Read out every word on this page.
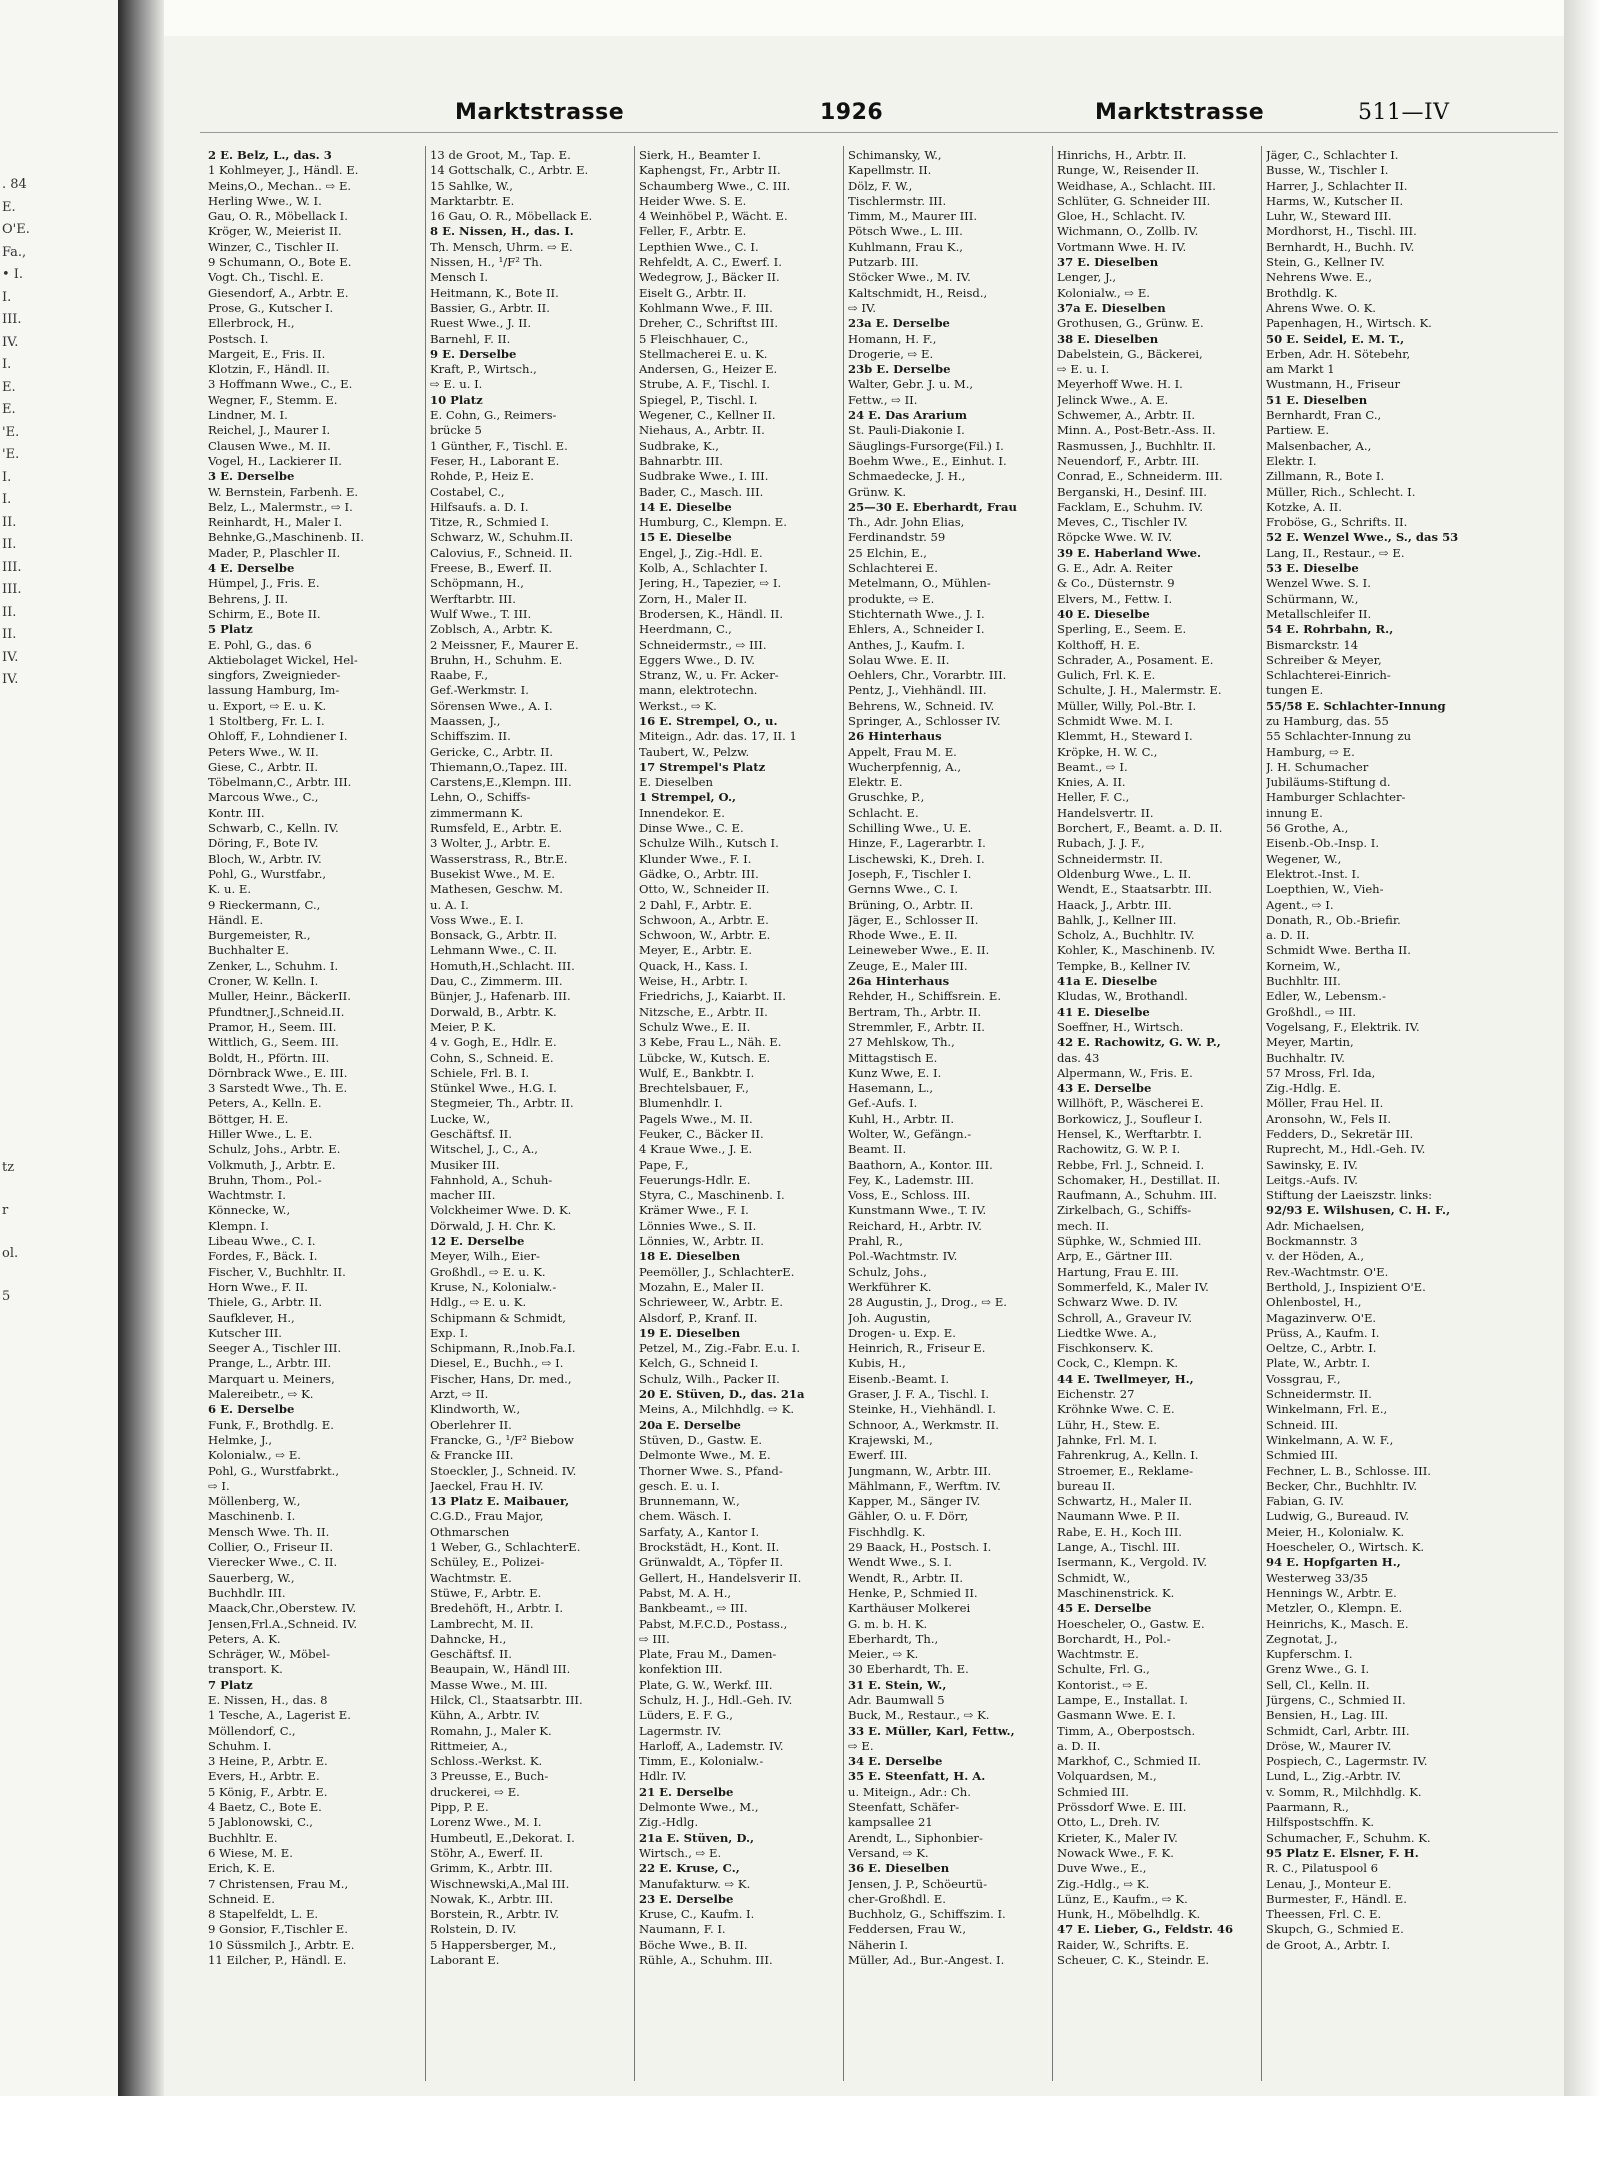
. 84
E.
O'E.
Fa.,
• I.
I.
III.
IV.
I.
E.
E.
'E.
'E.
I.
I.
II.
II.
III.
III.
II.
II.
IV.
IV.
tz
r
ol.
5
Marktstrasse	1926	Marktstrasse	511—IV
2 E. Belz, L., das. 3
1 Kohlmeyer, J., Händl. E.
Meins,O., Mechan.. ⇨ E.
Herling Wwe., W. I.
Gau, O. R., Möbellack I.
Kröger, W., Meierist II.
Winzer, C., Tischler II.
9 Schumann, O., Bote E.
Vogt. Ch., Tischl. E.
Giesendorf, A., Arbtr. E.
Prose, G., Kutscher I.
Ellerbrock, H.,
Postsch. I.
Margeit, E., Fris. II.
Klotzin, F., Händl. II.
3 Hoffmann Wwe., C., E.
Wegner, F., Stemm. E.
Lindner, M. I.
Reichel, J., Maurer I.
Clausen Wwe., M. II.
Vogel, H., Lackierer II.
3 E. Derselbe
W. Bernstein, Farbenh. E.
Belz, L., Malermstr., ⇨ I.
Reinhardt, H., Maler I.
Behnke,G.,Maschinenb. II.
Mader, P., Plaschler II.
4 E. Derselbe
Hümpel, J., Fris. E.
Behrens, J. II.
Schirm, E., Bote II.
5 Platz
E. Pohl, G., das. 6
Aktiebolaget Wickel, Hel-
singfors, Zweignieder-
lassung Hamburg, Im-
u. Export, ⇨ E. u. K.
1 Stoltberg, Fr. L. I.
Ohloff, F., Lohndiener I.
Peters Wwe., W. II.
Giese, C., Arbtr. II.
Töbelmann,C., Arbtr. III.
Marcous Wwe., C.,
Kontr. III.
Schwarb, C., Kelln. IV.
Döring, F., Bote IV.
Bloch, W., Arbtr. IV.
Pohl, G., Wurstfabr.,
K. u. E.
9 Rieckermann, C.,
Händl. E.
Burgemeister, R.,
Buchhalter E.
Zenker, L., Schuhm. I.
Croner, W. Kelln. I.
Muller, Heinr., BäckerII.
Pfundtner,J.,Schneid.II.
Pramor, H., Seem. III.
Wittlich, G., Seem. III.
Boldt, H., Pförtn. III.
Dörnbrack Wwe., E. III.
3 Sarstedt Wwe., Th. E.
Peters, A., Kelln. E.
Böttger, H. E.
Hiller Wwe., L. E.
Schulz, Johs., Arbtr. E.
Volkmuth, J., Arbtr. E.
Bruhn, Thom., Pol.-
Wachtmstr. I.
Könnecke, W.,
Klempn. I.
Libeau Wwe., C. I.
Fordes, F., Bäck. I.
Fischer, V., Buchhltr. II.
Horn Wwe., F. II.
Thiele, G., Arbtr. II.
Saufklever, H.,
Kutscher III.
Seeger A., Tischler III.
Prange, L., Arbtr. III.
Marquart u. Meiners,
Malereibetr., ⇨ K.
6 E. Derselbe
Funk, F., Brothdlg. E.
Helmke, J.,
Kolonialw., ⇨ E.
Pohl, G., Wurstfabrkt.,
⇨ I.
Möllenberg, W.,
Maschinenb. I.
Mensch Wwe. Th. II.
Collier, O., Friseur II.
Vierecker Wwe., C. II.
Sauerberg, W.,
Buchhdlr. III.
Maack,Chr.,Oberstew. IV.
Jensen,Frl.A.,Schneid. IV.
Peters, A. K.
Schräger, W., Möbel-
transport. K.
7 Platz
E. Nissen, H., das. 8
1 Tesche, A., Lagerist E.
Möllendorf, C.,
Schuhm. I.
3 Heine, P., Arbtr. E.
Evers, H., Arbtr. E.
5 König, F., Arbtr. E.
4 Baetz, C., Bote E.
5 Jablonowski, C.,
Buchhltr. E.
6 Wiese, M. E.
Erich, K. E.
7 Christensen, Frau M.,
Schneid. E.
8 Stapelfeldt, L. E.
9 Gonsior, F.,Tischler E.
10 Süssmilch J., Arbtr. E.
11 Eilcher, P., Händl. E.
13 de Groot, M., Tap. E.
14 Gottschalk, C., Arbtr. E.
15 Sahlke, W.,
Marktarbtr. E.
16 Gau, O. R., Möbellack E.
8 E. Nissen, H., das. I.
Th. Mensch, Uhrm. ⇨ E.
Nissen, H., ¹/F² Th.
Mensch I.
Heitmann, K., Bote II.
Bassier, G., Arbtr. II.
Ruest Wwe., J. II.
Barnehl, F. II.
9 E. Derselbe
Kraft, P., Wirtsch.,
⇨ E. u. I.
10 Platz
E. Cohn, G., Reimers-
brücke 5
1 Günther, F., Tischl. E.
Feser, H., Laborant E.
Rohde, P., Heiz E.
Costabel, C.,
Hilfsaufs. a. D. I.
Titze, R., Schmied I.
Schwarz, W., Schuhm.II.
Calovius, F., Schneid. II.
Freese, B., Ewerf. II.
Schöpmann, H.,
Werftarbtr. III.
Wulf Wwe., T. III.
Zoblsch, A., Arbtr. K.
2 Meissner, F., Maurer E.
Bruhn, H., Schuhm. E.
Raabe, F.,
Gef.-Werkmstr. I.
Sörensen Wwe., A. I.
Maassen, J.,
Schiffszim. II.
Gericke, C., Arbtr. II.
Thiemann,O.,Tapez. III.
Carstens,E.,Klempn. III.
Lehn, O., Schiffs-
zimmermann K.
Rumsfeld, E., Arbtr. E.
3 Wolter, J., Arbtr. E.
Wasserstrass, R., Btr.E.
Busekist Wwe., M. E.
Mathesen, Geschw. M.
u. A. I.
Voss Wwe., E. I.
Bonsack, G., Arbtr. II.
Lehmann Wwe., C. II.
Homuth,H.,Schlacht. III.
Dau, C., Zimmerm. III.
Bünjer, J., Hafenarb. III.
Dorwald, B., Arbtr. K.
Meier, P. K.
4 v. Gogh, E., Hdlr. E.
Cohn, S., Schneid. E.
Schiele, Frl. B. I.
Stünkel Wwe., H.G. I.
Stegmeier, Th., Arbtr. II.
Lucke, W.,
Geschäftsf. II.
Witschel, J., C., A.,
Musiker III.
Fahnhold, A., Schuh-
macher III.
Volckheimer Wwe. D. K.
Dörwald, J. H. Chr. K.
12 E. Derselbe
Meyer, Wilh., Eier-
Großhdl., ⇨ E. u. K.
Kruse, N., Kolonialw.-
Hdlg., ⇨ E. u. K.
Schipmann & Schmidt,
Exp. I.
Schipmann, R.,Inob.Fa.I.
Diesel, E., Buchh., ⇨ I.
Fischer, Hans, Dr. med.,
Arzt, ⇨ II.
Klindworth, W.,
Oberlehrer II.
Francke, G., ¹/F² Biebow
& Francke III.
Stoeckler, J., Schneid. IV.
Jaeckel, Frau H. IV.
13 Platz E. Maibauer,
C.G.D., Frau Major,
Othmarschen
1 Weber, G., SchlachterE.
Schüley, E., Polizei-
Wachtmstr. E.
Stüwe, F., Arbtr. E.
Bredehöft, H., Arbtr. I.
Lambrecht, M. II.
Dahncke, H.,
Geschäftsf. II.
Beaupain, W., Händl III.
Masse Wwe., M. III.
Hilck, Cl., Staatsarbtr. III.
Kühn, A., Arbtr. IV.
Romahn, J., Maler K.
Rittmeier, A.,
Schloss.-Werkst. K.
3 Preusse, E., Buch-
druckerei, ⇨ E.
Pipp, P. E.
Lorenz Wwe., M. I.
Humbeutl, E.,Dekorat. I.
Stöhr, A., Ewerf. II.
Grimm, K., Arbtr. III.
Wischnewski,A.,Mal III.
Nowak, K., Arbtr. III.
Borstein, R., Arbtr. IV.
Rolstein, D. IV.
5 Happersberger, M.,
Laborant E.
Sierk, H., Beamter I.
Kaphengst, Fr., Arbtr II.
Schaumberg Wwe., C. III.
Heider Wwe. S. E.
4 Weinhöbel P., Wächt. E.
Feller, F., Arbtr. E.
Lepthien Wwe., C. I.
Rehfeldt, A. C., Ewerf. I.
Wedegrow, J., Bäcker II.
Eiselt G., Arbtr. II.
Kohlmann Wwe., F. III.
Dreher, C., Schriftst III.
5 Fleischhauer, C.,
Stellmacherei E. u. K.
Andersen, G., Heizer E.
Strube, A. F., Tischl. I.
Spiegel, P., Tischl. I.
Wegener, C., Kellner II.
Niehaus, A., Arbtr. II.
Sudbrake, K.,
Bahnarbtr. III.
Sudbrake Wwe., I. III.
Bader, C., Masch. III.
14 E. Dieselbe
Humburg, C., Klempn. E.
15 E. Dieselbe
Engel, J., Zig.-Hdl. E.
Kolb, A., Schlachter I.
Jering, H., Tapezier, ⇨ I.
Zorn, H., Maler II.
Brodersen, K., Händl. II.
Heerdmann, C.,
Schneidermstr., ⇨ III.
Eggers Wwe., D. IV.
Stranz, W., u. Fr. Acker-
mann, elektrotechn.
Werkst., ⇨ K.
16 E. Strempel, O., u.
Miteign., Adr. das. 17, II. 1
Taubert, W., Pelzw.
17 Strempel's Platz
E. Dieselben
1 Strempel, O.,
Innendekor. E.
Dinse Wwe., C. E.
Schulze Wilh., Kutsch I.
Klunder Wwe., F. I.
Gädke, O., Arbtr. III.
Otto, W., Schneider II.
2 Dahl, F., Arbtr. E.
Schwoon, A., Arbtr. E.
Schwoon, W., Arbtr. E.
Meyer, E., Arbtr. E.
Quack, H., Kass. I.
Weise, H., Arbtr. I.
Friedrichs, J., Kaiarbt. II.
Nitzsche, E., Arbtr. II.
Schulz Wwe., E. II.
3 Kebe, Frau L., Näh. E.
Lübcke, W., Kutsch. E.
Wulf, E., Bankbtr. I.
Brechtelsbauer, F.,
Blumenhdlr. I.
Pagels Wwe., M. II.
Feuker, C., Bäcker II.
4 Kraue Wwe., J. E.
Pape, F.,
Feuerungs-Hdlr. E.
Styra, C., Maschinenb. I.
Krämer Wwe., F. I.
Lönnies Wwe., S. II.
Lönnies, W., Arbtr. II.
18 E. Dieselben
Peemöller, J., SchlachterE.
Mozahn, E., Maler II.
Schrieweer, W., Arbtr. E.
Alsdorf, P., Kranf. II.
19 E. Dieselben
Petzel, M., Zig.-Fabr. E.u. I.
Kelch, G., Schneid I.
Schulz, Wilh., Packer II.
20 E. Stüven, D., das. 21a
Meins, A., Milchhdlg. ⇨ K.
20a E. Derselbe
Stüven, D., Gastw. E.
Delmonte Wwe., M. E.
Thorner Wwe. S., Pfand-
gesch. E. u. I.
Brunnemann, W.,
chem. Wäsch. I.
Sarfaty, A., Kantor I.
Brockstädt, H., Kont. II.
Grünwaldt, A., Töpfer II.
Gellert, H., Handelsverir II.
Pabst, M. A. H.,
Bankbeamt., ⇨ III.
Pabst, M.F.C.D., Postass.,
⇨ III.
Plate, Frau M., Damen-
konfektion III.
Plate, G. W., Werkf. III.
Schulz, H. J., Hdl.-Geh. IV.
Lüders, E. F. G.,
Lagermstr. IV.
Harloff, A., Lademstr. IV.
Timm, E., Kolonialw.-
Hdlr. IV.
21 E. Derselbe
Delmonte Wwe., M.,
Zig.-Hdlg.
21a E. Stüven, D.,
Wirtsch., ⇨ E.
22 E. Kruse, C.,
Manufakturw. ⇨ K.
23 E. Derselbe
Kruse, C., Kaufm. I.
Naumann, F. I.
Böche Wwe., B. II.
Rühle, A., Schuhm. III.
Schimansky, W.,
Kapellmstr. II.
Dölz, F. W.,
Tischlermstr. III.
Timm, M., Maurer III.
Pötsch Wwe., L. III.
Kuhlmann, Frau K.,
Putzarb. III.
Stöcker Wwe., M. IV.
Kaltschmidt, H., Reisd.,
⇨ IV.
23a E. Derselbe
Homann, H. F.,
Drogerie, ⇨ E.
23b E. Derselbe
Walter, Gebr. J. u. M.,
Fettw., ⇨ II.
24 E. Das Ararium
St. Pauli-Diakonie I.
Säuglings-Fursorge(Fil.) I.
Boehm Wwe., E., Einhut. I.
Schmaedecke, J. H.,
Grünw. K.
25—30 E. Eberhardt, Frau
Th., Adr. John Elias,
Ferdinandstr. 59
25 Elchin, E.,
Schlachterei E.
Metelmann, O., Mühlen-
produkte, ⇨ E.
Stichternath Wwe., J. I.
Ehlers, A., Schneider I.
Anthes, J., Kaufm. I.
Solau Wwe. E. II.
Oehlers, Chr., Vorarbtr. III.
Pentz, J., Viehhändl. III.
Behrens, W., Schneid. IV.
Springer, A., Schlosser IV.
26 Hinterhaus
Appelt, Frau M. E.
Wucherpfennig, A.,
Elektr. E.
Gruschke, P.,
Schlacht. E.
Schilling Wwe., U. E.
Hinze, F., Lagerarbtr. I.
Lischewski, K., Dreh. I.
Joseph, F., Tischler I.
Gernns Wwe., C. I.
Brüning, O., Arbtr. II.
Jäger, E., Schlosser II.
Rhode Wwe., E. II.
Leineweber Wwe., E. II.
Zeuge, E., Maler III.
26a Hinterhaus
Rehder, H., Schiffsrein. E.
Bertram, Th., Arbtr. II.
Stremmler, F., Arbtr. II.
27 Mehlskow, Th.,
Mittagstisch E.
Kunz Wwe, E. I.
Hasemann, L.,
Gef.-Aufs. I.
Kuhl, H., Arbtr. II.
Wolter, W., Gefängn.-
Beamt. II.
Baathorn, A., Kontor. III.
Fey, K., Lademstr. III.
Voss, E., Schloss. III.
Kunstmann Wwe., T. IV.
Reichard, H., Arbtr. IV.
Prahl, R.,
Pol.-Wachtmstr. IV.
Schulz, Johs.,
Werkführer K.
28 Augustin, J., Drog., ⇨ E.
Joh. Augustin,
Drogen- u. Exp. E.
Heinrich, R., Friseur E.
Kubis, H.,
Eisenb.-Beamt. I.
Graser, J. F. A., Tischl. I.
Steinke, H., Viehhändl. I.
Schnoor, A., Werkmstr. II.
Krajewski, M.,
Ewerf. III.
Jungmann, W., Arbtr. III.
Mählmann, F., Werftm. IV.
Kapper, M., Sänger IV.
Gähler, O. u. F. Dörr,
Fischhdlg. K.
29 Baack, H., Postsch. I.
Wendt Wwe., S. I.
Wendt, R., Arbtr. II.
Henke, P., Schmied II.
Karthäuser Molkerei
G. m. b. H. K.
Eberhardt, Th.,
Meier., ⇨ K.
30 Eberhardt, Th. E.
31 E. Stein, W.,
Adr. Baumwall 5
Buck, M., Restaur., ⇨ K.
33 E. Müller, Karl, Fettw.,
⇨ E.
34 E. Derselbe
35 E. Steenfatt, H. A.
u. Miteign., Adr.: Ch.
Steenfatt, Schäfer-
kampsallee 21
Arendt, L., Siphonbier-
Versand, ⇨ K.
36 E. Dieselben
Jensen, J. P., Schöeurtü-
cher-Großhdl. E.
Buchholz, G., Schiffszim. I.
Feddersen, Frau W.,
Näherin I.
Müller, Ad., Bur.-Angest. I.
Hinrichs, H., Arbtr. II.
Runge, W., Reisender II.
Weidhase, A., Schlacht. III.
Schlüter, G. Schneider III.
Gloe, H., Schlacht. IV.
Wichmann, O., Zollb. IV.
Vortmann Wwe. H. IV.
37 E. Dieselben
Lenger, J.,
Kolonialw., ⇨ E.
37a E. Dieselben
Grothusen, G., Grünw. E.
38 E. Dieselben
Dabelstein, G., Bäckerei,
⇨ E. u. I.
Meyerhoff Wwe. H. I.
Jelinck Wwe., A. E.
Schwemer, A., Arbtr. II.
Minn. A., Post-Betr.-Ass. II.
Rasmussen, J., Buchhltr. II.
Neuendorf, F., Arbtr. III.
Conrad, E., Schneiderm. III.
Berganski, H., Desinf. III.
Facklam, E., Schuhm. IV.
Meves, C., Tischler IV.
Röpcke Wwe. W. IV.
39 E. Haberland Wwe.
G. E., Adr. A. Reiter
& Co., Düsternstr. 9
Elvers, M., Fettw. I.
40 E. Dieselbe
Sperling, E., Seem. E.
Kolthoff, H. E.
Schrader, A., Posament. E.
Gulich, Frl. K. E.
Schulte, J. H., Malermstr. E.
Müller, Willy, Pol.-Btr. I.
Schmidt Wwe. M. I.
Klemmt, H., Steward I.
Kröpke, H. W. C.,
Beamt., ⇨ I.
Knies, A. II.
Heller, F. C.,
Handelsvertr. II.
Borchert, F., Beamt. a. D. II.
Rubach, J. J. F.,
Schneidermstr. II.
Oldenburg Wwe., L. II.
Wendt, E., Staatsarbtr. III.
Haack, J., Arbtr. III.
Bahlk, J., Kellner III.
Scholz, A., Buchhltr. IV.
Kohler, K., Maschinenb. IV.
Tempke, B., Kellner IV.
41a E. Dieselbe
Kludas, W., Brothandl.
41 E. Dieselbe
Soeffner, H., Wirtsch.
42 E. Rachowitz, G. W. P.,
das. 43
Alpermann, W., Fris. E.
43 E. Derselbe
Willhöft, P., Wäscherei E.
Borkowicz, J., Soufleur I.
Hensel, K., Werftarbtr. I.
Rachowitz, G. W. P. I.
Rebbe, Frl. J., Schneid. I.
Schomaker, H., Destillat. II.
Raufmann, A., Schuhm. III.
Zirkelbach, G., Schiffs-
mech. II.
Süphke, W., Schmied III.
Arp, E., Gärtner III.
Hartung, Frau E. III.
Sommerfeld, K., Maler IV.
Schwarz Wwe. D. IV.
Schroll, A., Graveur IV.
Liedtke Wwe. A.,
Fischkonserv. K.
Cock, C., Klempn. K.
44 E. Twellmeyer, H.,
Eichenstr. 27
Kröhnke Wwe. C. E.
Lühr, H., Stew. E.
Jahnke, Frl. M. I.
Fahrenkrug, A., Kelln. I.
Stroemer, E., Reklame-
bureau II.
Schwartz, H., Maler II.
Naumann Wwe. P. II.
Rabe, E. H., Koch III.
Lange, A., Tischl. III.
Isermann, K., Vergold. IV.
Schmidt, W.,
Maschinenstrick. K.
45 E. Derselbe
Hoescheler, O., Gastw. E.
Borchardt, H., Pol.-
Wachtmstr. E.
Schulte, Frl. G.,
Kontorist., ⇨ E.
Lampe, E., Installat. I.
Gasmann Wwe. E. I.
Timm, A., Oberpostsch.
a. D. II.
Markhof, C., Schmied II.
Volquardsen, M.,
Schmied III.
Prössdorf Wwe. E. III.
Otto, L., Dreh. IV.
Krieter, K., Maler IV.
Nowack Wwe., F. K.
Duve Wwe., E.,
Zig.-Hdlg., ⇨ K.
Lünz, E., Kaufm., ⇨ K.
Hunk, H., Möbelhdlg. K.
47 E. Lieber, G., Feldstr. 46
Raider, W., Schrifts. E.
Scheuer, C. K., Steindr. E.
Jäger, C., Schlachter I.
Busse, W., Tischler I.
Harrer, J., Schlachter II.
Harms, W., Kutscher II.
Luhr, W., Steward III.
Mordhorst, H., Tischl. III.
Bernhardt, H., Buchh. IV.
Stein, G., Kellner IV.
Nehrens Wwe. E.,
Brothdlg. K.
Ahrens Wwe. O. K.
Papenhagen, H., Wirtsch. K.
50 E. Seidel, E. M. T.,
Erben, Adr. H. Sötebehr,
am Markt 1
Wustmann, H., Friseur
51 E. Dieselben
Bernhardt, Fran C.,
Partiew. E.
Malsenbacher, A.,
Elektr. I.
Zillmann, R., Bote I.
Müller, Rich., Schlecht. I.
Kotzke, A. II.
Froböse, G., Schrifts. II.
52 E. Wenzel Wwe., S., das 53
Lang, II., Restaur., ⇨ E.
53 E. Dieselbe
Wenzel Wwe. S. I.
Schürmann, W.,
Metallschleifer II.
54 E. Rohrbahn, R.,
Bismarckstr. 14
Schreiber & Meyer,
Schlachterei-Einrich-
tungen E.
55/58 E. Schlachter-Innung
zu Hamburg, das. 55
55 Schlachter-Innung zu
Hamburg, ⇨ E.
J. H. Schumacher
Jubiläums-Stiftung d.
Hamburger Schlachter-
innung E.
56 Grothe, A.,
Eisenb.-Ob.-Insp. I.
Wegener, W.,
Elektrot.-Inst. I.
Loepthien, W., Vieh-
Agent., ⇨ I.
Donath, R., Ob.-Briefir.
a. D. II.
Schmidt Wwe. Bertha II.
Korneim, W.,
Buchhltr. III.
Edler, W., Lebensm.-
Großhdl., ⇨ III.
Vogelsang, F., Elektrik. IV.
Meyer, Martin,
Buchhaltr. IV.
57 Mross, Frl. Ida,
Zig.-Hdlg. E.
Möller, Frau Hel. II.
Aronsohn, W., Fels II.
Fedders, D., Sekretär III.
Ruprecht, M., Hdl.-Geh. IV.
Sawinsky, E. IV.
Leitgs.-Aufs. IV.
Stiftung der Laeiszstr. links:
92/93 E. Wilshusen, C. H. F.,
Adr. Michaelsen,
Bockmannstr. 3
v. der Höden, A.,
Rev.-Wachtmstr. O'E.
Berthold, J., Inspizient O'E.
Ohlenbostel, H.,
Magazinverw. O'E.
Prüss, A., Kaufm. I.
Oeltze, C., Arbtr. I.
Plate, W., Arbtr. I.
Vossgrau, F.,
Schneidermstr. II.
Winkelmann, Frl. E.,
Schneid. III.
Winkelmann, A. W. F.,
Schmied III.
Fechner, L. B., Schlosse. III.
Becker, Chr., Buchhltr. IV.
Fabian, G. IV.
Ludwig, G., Bureaud. IV.
Meier, H., Kolonialw. K.
Hoescheler, O., Wirtsch. K.
94 E. Hopfgarten H.,
Westerweg 33/35
Hennings W., Arbtr. E.
Metzler, O., Klempn. E.
Heinrichs, K., Masch. E.
Zegnotat, J.,
Kupferschm. I.
Grenz Wwe., G. I.
Sell, Cl., Kelln. II.
Jürgens, C., Schmied II.
Bensien, H., Lag. III.
Schmidt, Carl, Arbtr. III.
Dröse, W., Maurer IV.
Pospiech, C., Lagermstr. IV.
Lund, L., Zig.-Arbtr. IV.
v. Somm, R., Milchhdlg. K.
Paarmann, R.,
Hilfspostschffn. K.
Schumacher, F., Schuhm. K.
95 Platz E. Elsner, F. H.
R. C., Pilatuspool 6
Lenau, J., Monteur E.
Burmester, F., Händl. E.
Theessen, Frl. C. E.
Skupch, G., Schmied E.
de Groot, A., Arbtr. I.
